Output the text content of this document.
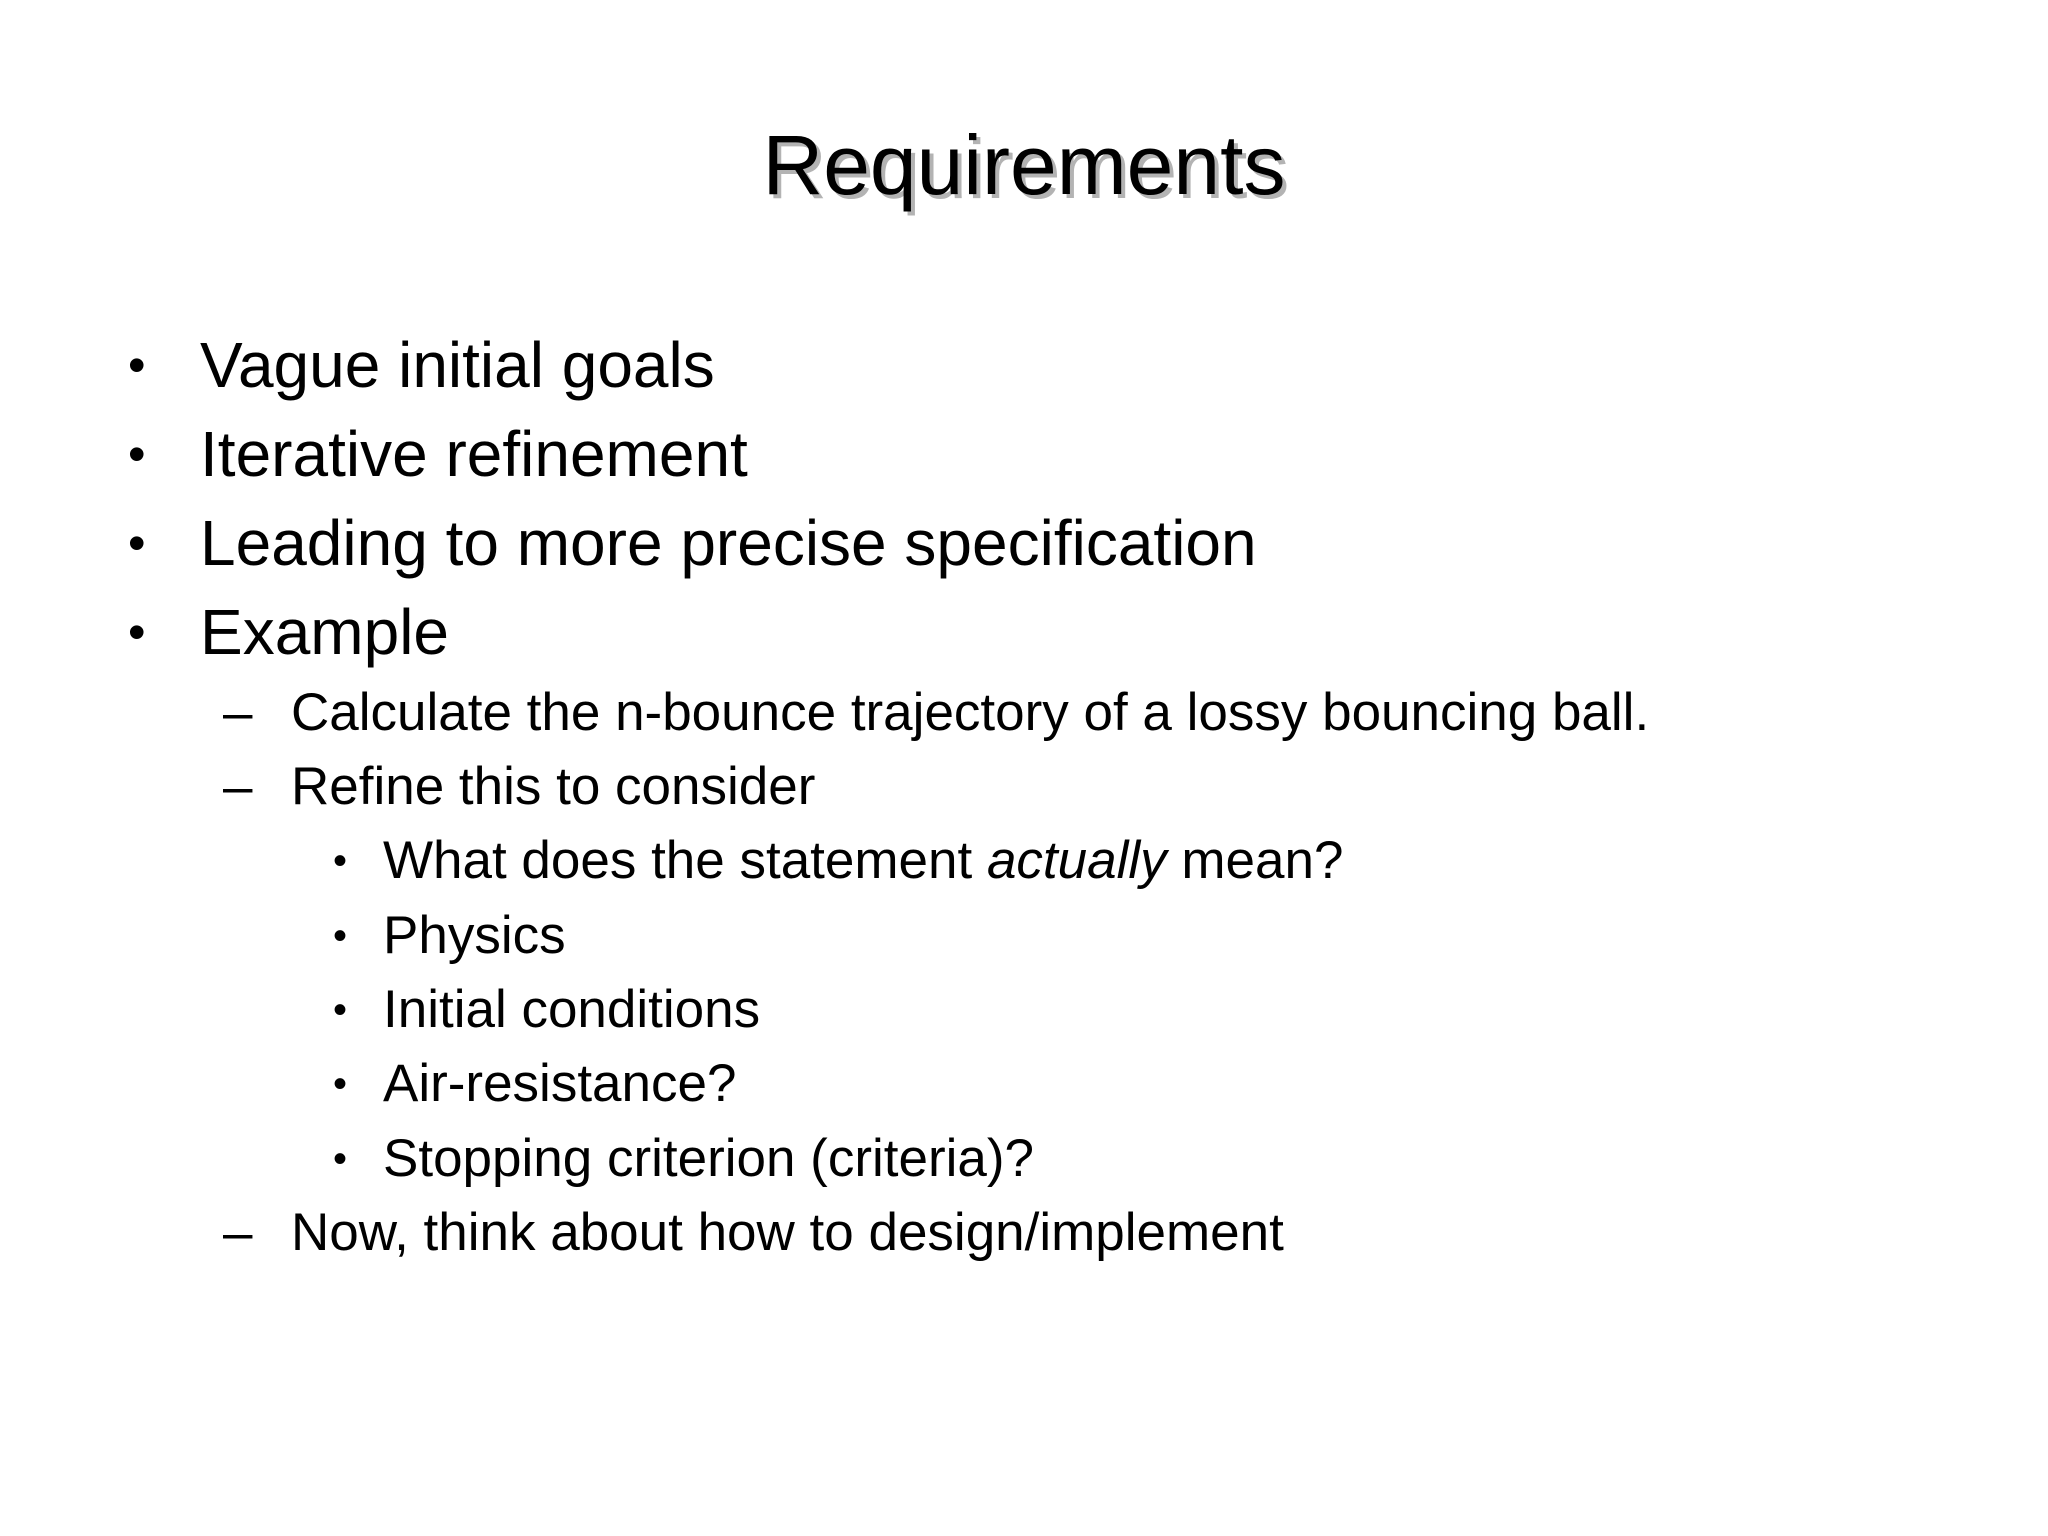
Requirements
• Vague initial goals
• Iterative refinement
• Leading to more precise specification
• Example
– Calculate the n-bounce trajectory of a lossy bouncing ball.
– Refine this to consider
• What does the statement actually mean?
• Physics
• Initial conditions
• Air-resistance?
• Stopping criterion (criteria)?
– Now, think about how to design/implement
